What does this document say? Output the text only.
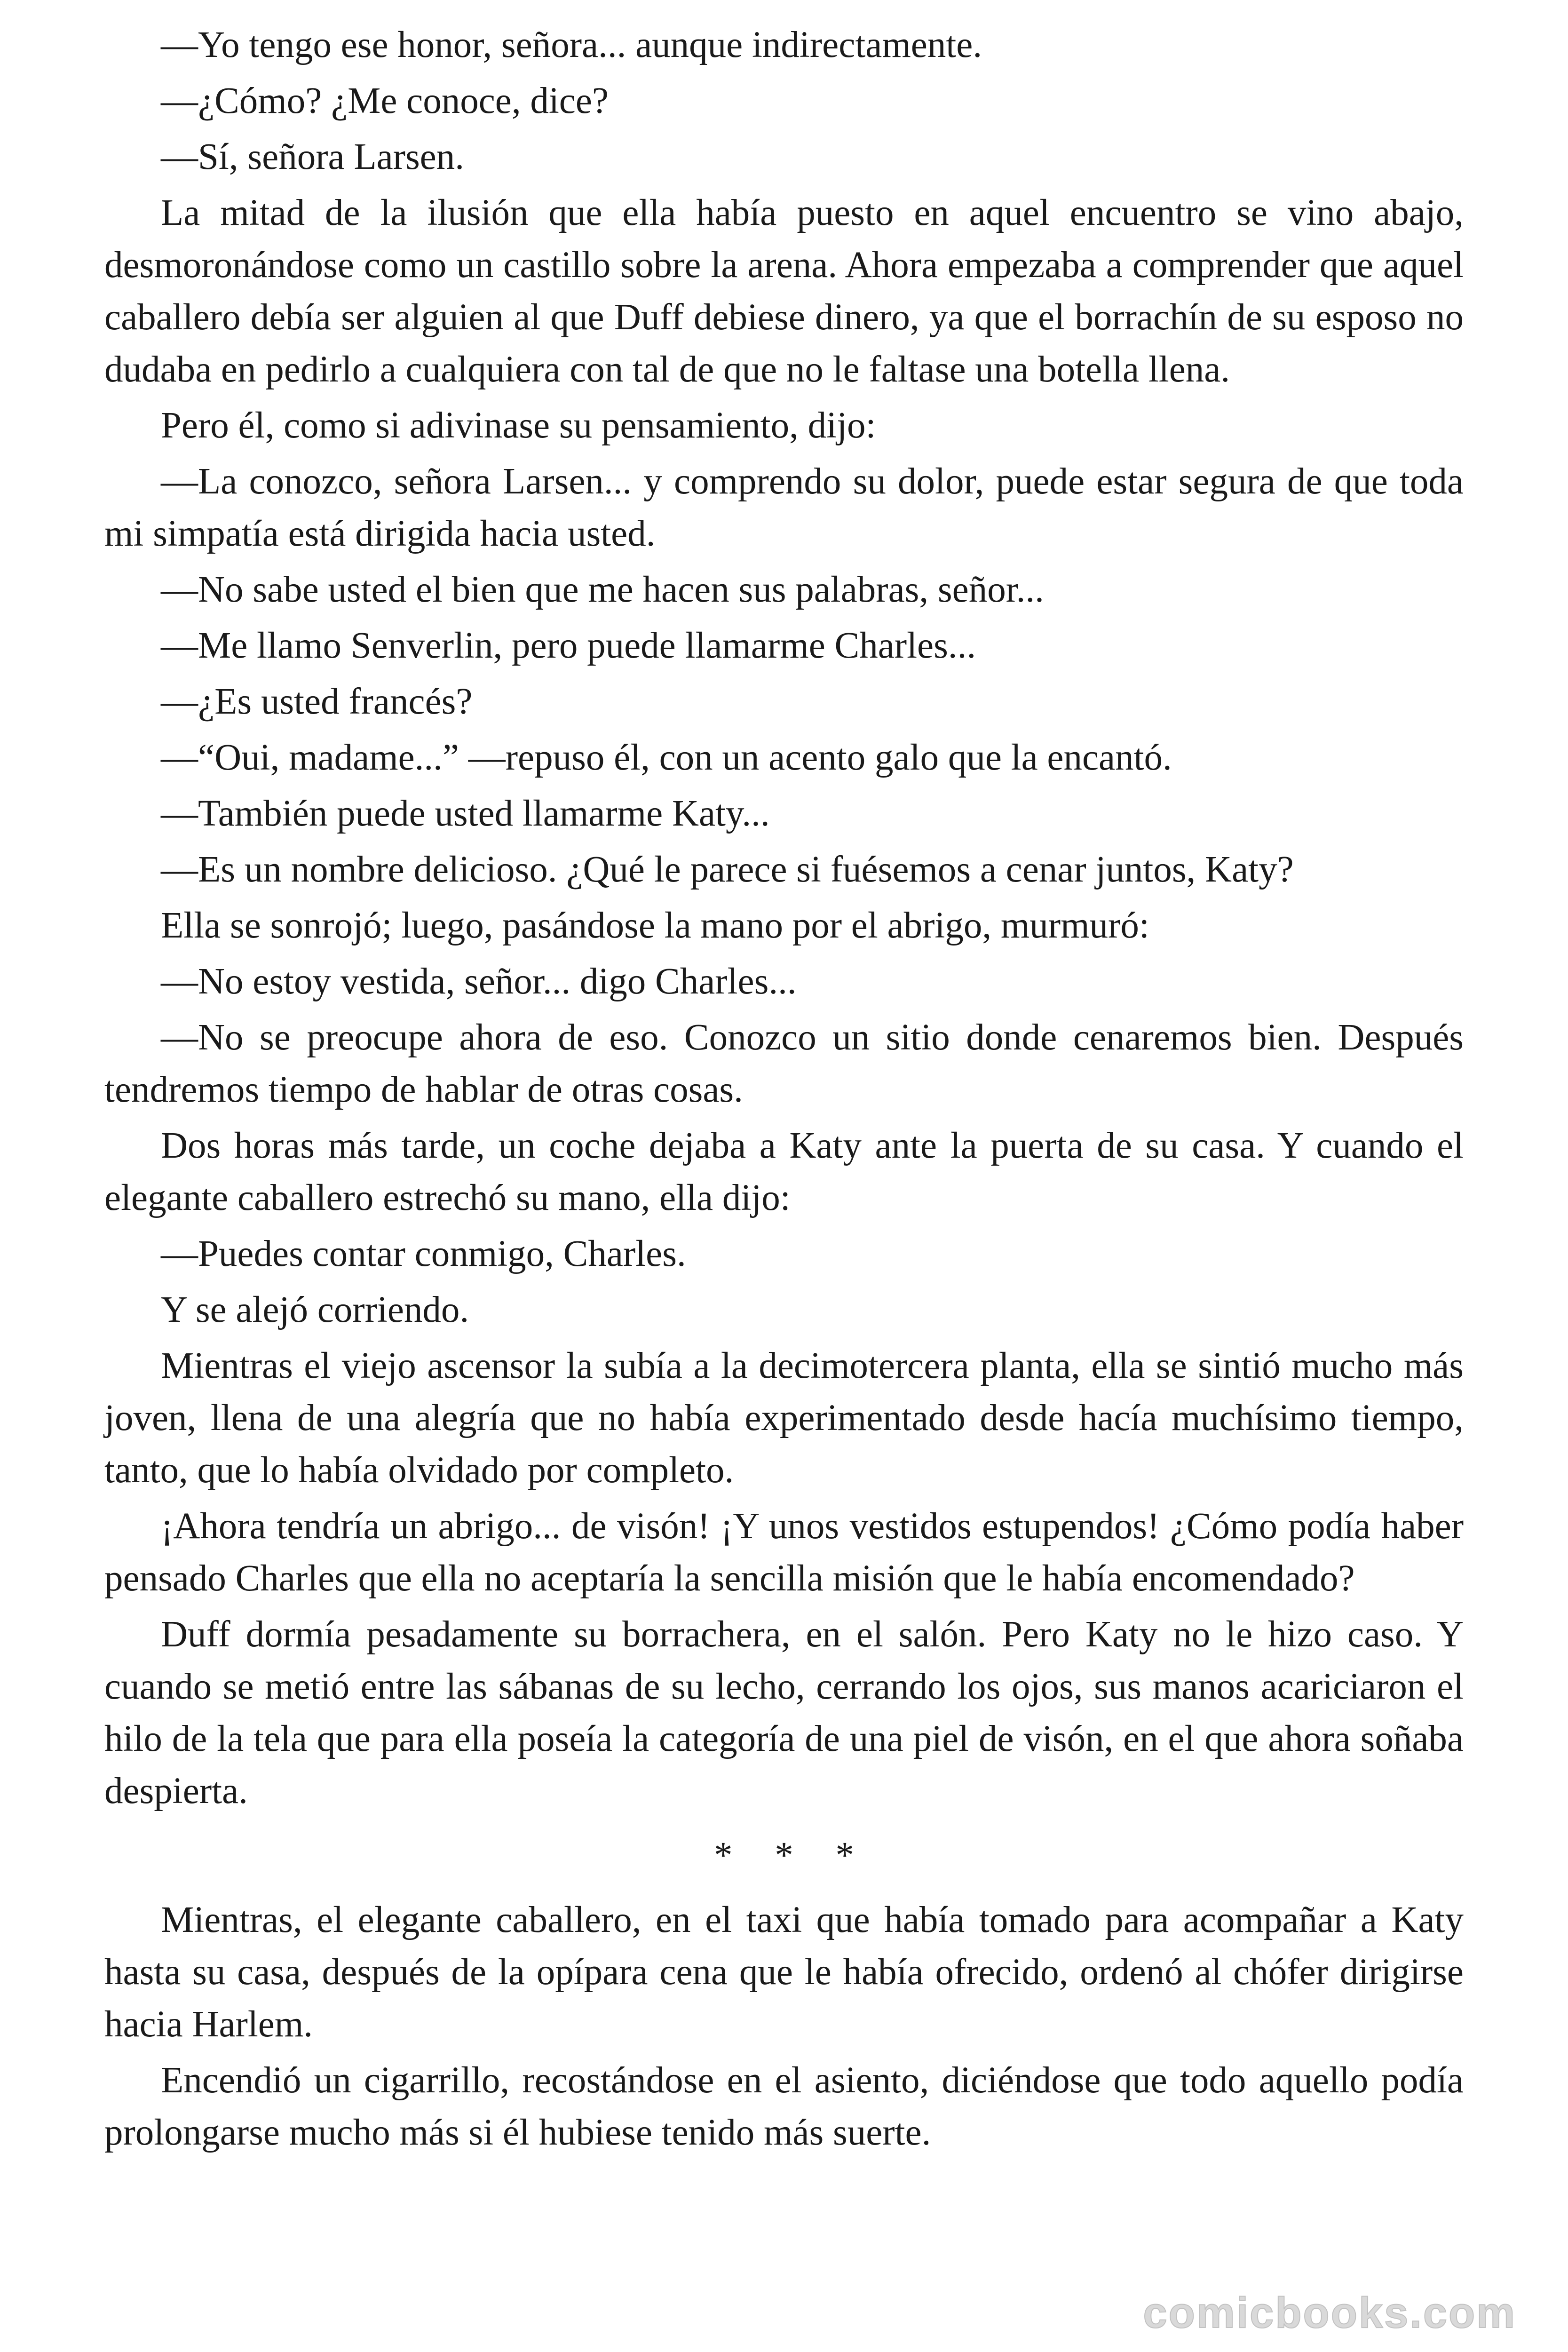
—Yo tengo ese honor, señora... aunque indirectamente.

—¿Cómo? ¿Me conoce, dice?

—Sí, señora Larsen.

La mitad de la ilusión que ella había puesto en aquel encuentro se vino abajo, desmoronándose como un castillo sobre la arena. Ahora empezaba a comprender que aquel caballero debía ser alguien al que Duff debiese dinero, ya que el borrachín de su esposo no dudaba en pedirlo a cualquiera con tal de que no le faltase una botella llena.

Pero él, como si adivinase su pensamiento, dijo:

—La conozco, señora Larsen... y comprendo su dolor, puede estar segura de que toda mi simpatía está dirigida hacia usted.

—No sabe usted el bien que me hacen sus palabras, señor...

—Me llamo Senverlin, pero puede llamarme Charles...

—¿Es usted francés?

—“Oui, madame...” —repuso él, con un acento galo que la encantó.

—También puede usted llamarme Katy...

—Es un nombre delicioso. ¿Qué le parece si fuésemos a cenar juntos, Katy?

Ella se sonrojó; luego, pasándose la mano por el abrigo, murmuró:

—No estoy vestida, señor... digo Charles...

—No se preocupe ahora de eso. Conozco un sitio donde cenaremos bien. Después tendremos tiempo de hablar de otras cosas.

Dos horas más tarde, un coche dejaba a Katy ante la puerta de su casa. Y cuando el elegante caballero estrechó su mano, ella dijo:

—Puedes contar conmigo, Charles.

Y se alejó corriendo.

Mientras el viejo ascensor la subía a la decimotercera planta, ella se sintió mucho más joven, llena de una alegría que no había experimentado desde hacía muchísimo tiempo, tanto, que lo había olvidado por completo.

¡Ahora tendría un abrigo... de visón! ¡Y unos vestidos estupendos! ¿Cómo podía haber pensado Charles que ella no aceptaría la sencilla misión que le había encomendado?

Duff dormía pesadamente su borrachera, en el salón. Pero Katy no le hizo caso. Y cuando se metió entre las sábanas de su lecho, cerrando los ojos, sus manos acariciaron el hilo de la tela que para ella poseía la categoría de una piel de visón, en el que ahora soñaba despierta.

* * *

Mientras, el elegante caballero, en el taxi que había tomado para acompañar a Katy hasta su casa, después de la opípara cena que le había ofrecido, ordenó al chófer dirigirse hacia Harlem.

Encendió un cigarrillo, recostándose en el asiento, diciéndose que todo aquello podía prolongarse mucho más si él hubiese tenido más suerte.

comicbooks.com
